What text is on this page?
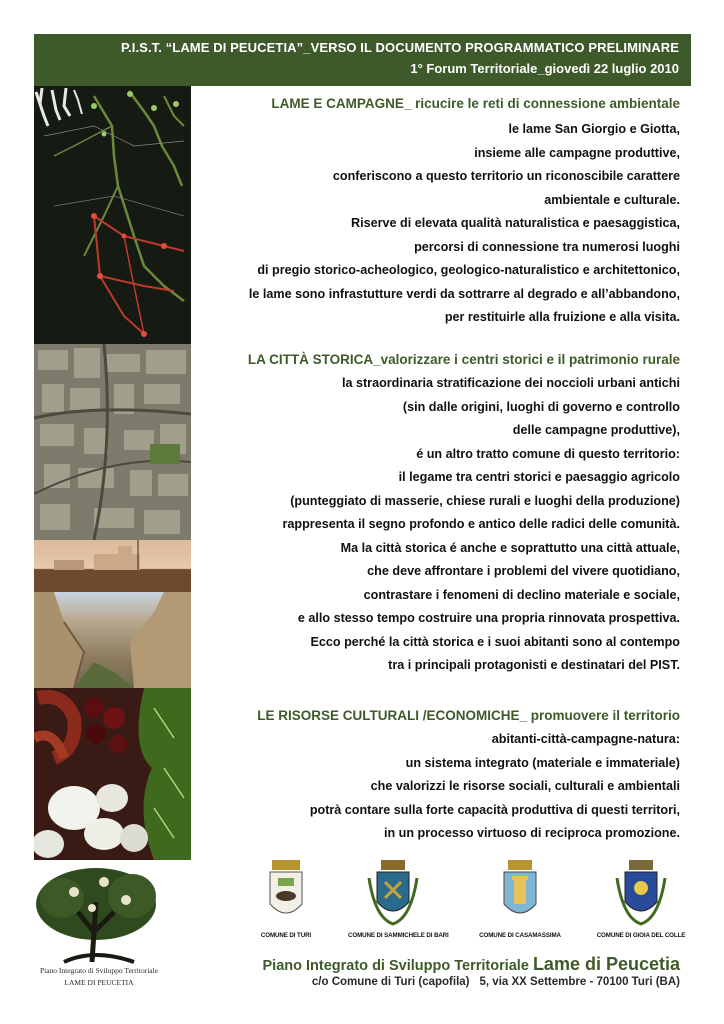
P.I.S.T. “LAME DI PEUCETIA”_VERSO IL DOCUMENTO PROGRAMMATICO PRELIMINARE
1° Forum Territoriale_giovedì 22 luglio 2010
LAME E CAMPAGNE_ ricucire le reti di connessione ambientale
le lame San Giorgio e Giotta,
insieme alle campagne produttive,
conferiscono a questo territorio un riconoscibile carattere
ambientale e culturale.
Riserve di elevata qualità naturalistica e paesaggistica,
percorsi di connessione tra numerosi luoghi
di pregio storico-acheologico, geologico-naturalistico e architettonico,
le lame sono infrastutture verdi da sottrarre al degrado e all’abbandono,
per restituirle alla fruizione e alla visita.
LA CITTÀ STORICA_valorizzare i centri storici e il patrimonio rurale
la straordinaria stratificazione dei noccioli urbani antichi
(sin dalle origini, luoghi di governo e controllo
delle campagne produttive),
é un altro tratto comune di questo territorio:
il legame tra centri storici e paesaggio agricolo
(punteggiato di masserie, chiese rurali e luoghi della produzione)
rappresenta il segno profondo e antico delle radici delle comunità.
Ma la città storica é anche e soprattutto una città attuale,
che deve affrontare i problemi del vivere quotidiano,
contrastare i fenomeni di declino materiale e sociale,
e allo stesso tempo costruire una propria rinnovata prospettiva.
Ecco perché la città storica e i suoi abitanti sono al contempo
tra i principali protagonisti e destinatari del PIST.
LE RISORSE CULTURALI /ECONOMICHE_ promuovere il territorio
abitanti-città-campagne-natura:
un sistema integrato (materiale e immateriale)
che valorizzi le risorse sociali, culturali e ambientali
potrà contare sulla forte capacità produttiva di questi territori,
in un processo virtuoso di reciproca promozione.
COMUNE DI TURI	COMUNE DI SAMMICHELE DI BARI	COMUNE DI CASAMASSIMA	COMUNE DI GIOIA DEL COLLE
Piano Integrato di Sviluppo Territoriale
LAME DI PEUCETIA
Piano Integrato di Sviluppo Territoriale Lame di Peucetia
c/o Comune di Turi (capofila) 5, via XX Settembre - 70100 Turi (BA)
